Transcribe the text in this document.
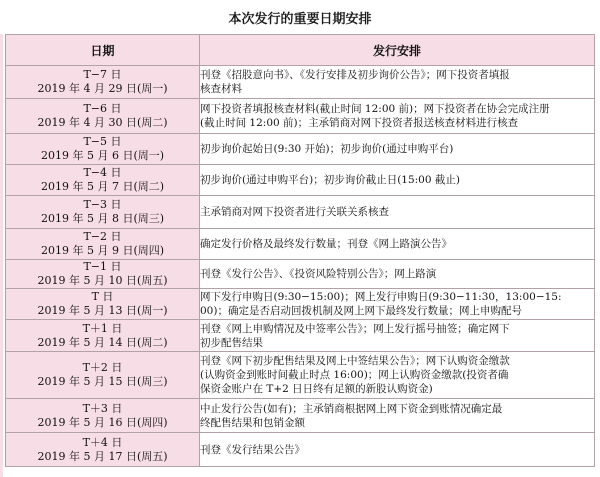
本次发行的重要日期安排
日期	发行安排

T−7 日
2019 年 4 月 29 日(周一)	刊登《招股意向书》、《发行安排及初步询价公告》；网下投资者填报
核查材料

T−6 日
2019 年 4 月 30 日(周二)	网下投资者填报核查材料(截止时间 12:00 前)；网下投资者在协会完成注册
(截止时间 12:00 前)；主承销商对网下投资者报送核查材料进行核查

T−5 日
2019 年 5 月 6 日(周一)	初步询价起始日(9:30 开始)；初步询价(通过申购平台)

T−4 日
2019 年 5 月 7 日(周二)	初步询价(通过申购平台)；初步询价截止日(15:00 截止)

T−3 日
2019 年 5 月 8 日(周三)	主承销商对网下投资者进行关联关系核查

T−2 日
2019 年 5 月 9 日(周四)	确定发行价格及最终发行数量；刊登《网上路演公告》

T−1 日
2019 年 5 月 10 日(周五)	刊登《发行公告》、《投资风险特别公告》；网上路演

T 日
2019 年 5 月 13 日(周一)	网下发行申购日(9:30−15:00)；网上发行申购日(9:30−11:30，13:00−15:
00)；确定是否启动回拨机制及网上网下最终发行数量；网上申购配号

T＋1 日
2019 年 5 月 14 日(周二)	刊登《网上申购情况及中签率公告》；网上发行摇号抽签；确定网下
初步配售结果

T＋2 日
2019 年 5 月 15 日(周三)	刊登《网下初步配售结果及网上中签结果公告》；网下认购资金缴款
(认购资金到账时间截止时点 16:00)；网上认购资金缴款(投资者确
保资金账户在 T+2 日日终有足额的新股认购资金)

T＋3 日
2019 年 5 月 16 日(周四)	中止发行公告(如有)；主承销商根据网上网下资金到账情况确定最
终配售结果和包销金额

T＋4 日
2019 年 5 月 17 日(周五)	刊登《发行结果公告》
